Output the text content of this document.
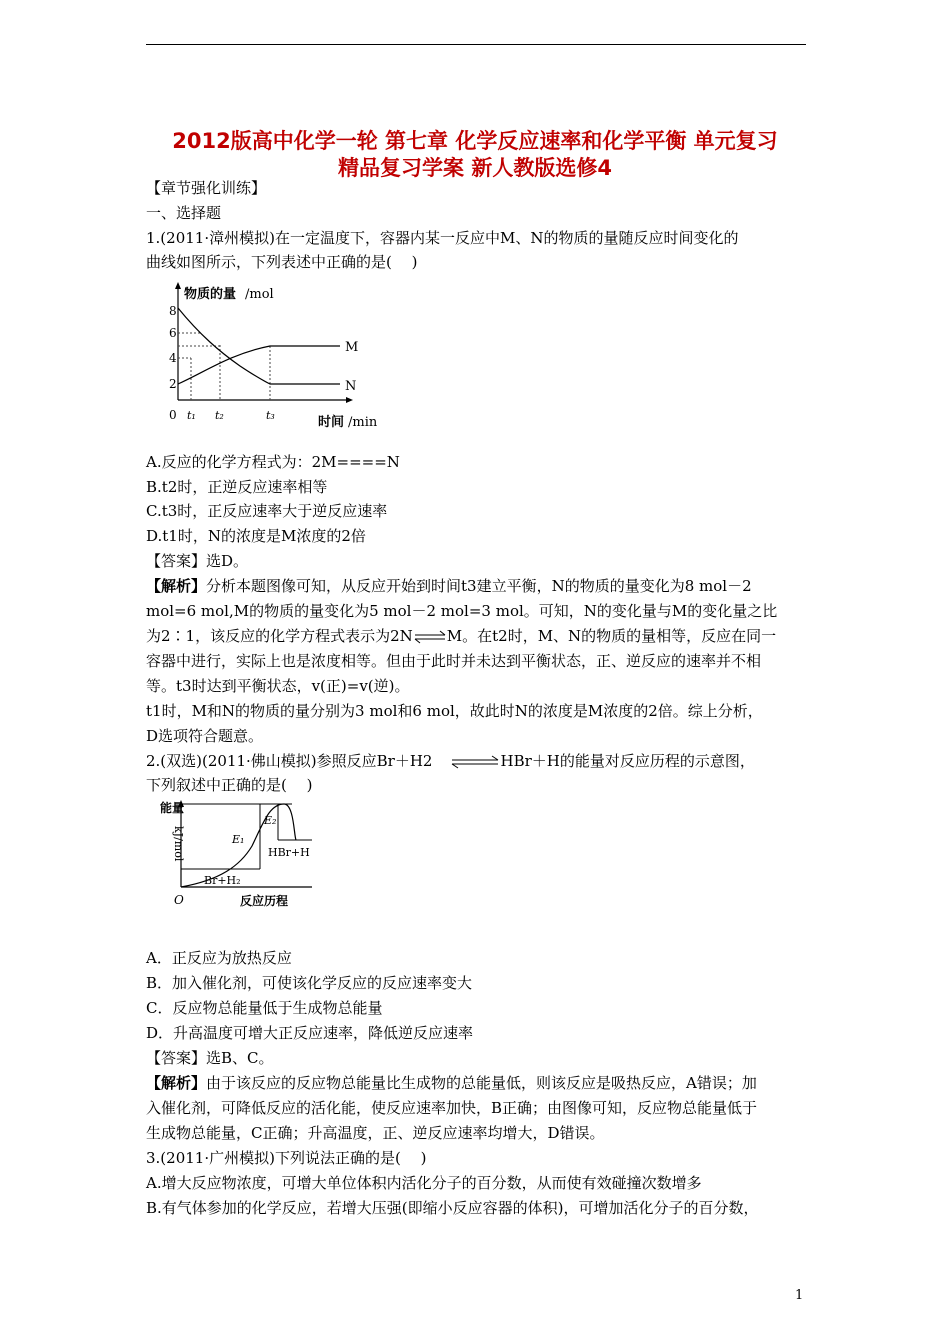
2012版高中化学一轮 第七章 化学反应速率和化学平衡 单元复习
精品复习学案 新人教版选修4
【章节强化训练】
一、选择题
1.(2011·漳州模拟)在一定温度下，容器内某一反应中M、N的物质的量随反应时间变化的
曲线如图所示，下列表述中正确的是(　 )
物质的量 /mol
8
6
4
2
0
M
N
t₁ t₂	t₃	时间 /min
A.反应的化学方程式为：2M====N
B.t2时，正逆反应速率相等
C.t3时，正反应速率大于逆反应速率
D.t1时，N的浓度是M浓度的2倍
【答案】选D。
【解析】分析本题图像可知，从反应开始到时间t3建立平衡，N的物质的量变化为8 mol－2
mol=6 mol,M的物质的量变化为5 mol－2 mol=3 mol。可知，N的变化量与M的变化量之比
为2∶1，该反应的化学方程式表示为2N⇌M。在t2时，M、N的物质的量相等，反应在同一
容器中进行，实际上也是浓度相等。但由于此时并未达到平衡状态，正、逆反应的速率并不相
等。t3时达到平衡状态，v(正)=v(逆)。
t1时，M和N的物质的量分别为3 mol和6 mol，故此时N的浓度是M浓度的2倍。综上分析，
D选项符合题意。
2.(双选)(2011·佛山模拟)参照反应Br＋H2 ⇌HBr＋H的能量对反应历程的示意图，
下列叙述中正确的是(　 )
能量
kJ/mol	E₁
E₂
HBr+H
Br+H₂
O	反应历程
A．正反应为放热反应
B．加入催化剂，可使该化学反应的反应速率变大
C．反应物总能量低于生成物总能量
D．升高温度可增大正反应速率，降低逆反应速率
【答案】选B、C。
【解析】由于该反应的反应物总能量比生成物的总能量低，则该反应是吸热反应，A错误；加
入催化剂，可降低反应的活化能，使反应速率加快，B正确；由图像可知，反应物总能量低于
生成物总能量，C正确；升高温度，正、逆反应速率均增大，D错误。
3.(2011·广州模拟)下列说法正确的是(　 )
A.增大反应物浓度，可增大单位体积内活化分子的百分数，从而使有效碰撞次数增多
B.有气体参加的化学反应，若增大压强(即缩小反应容器的体积)，可增加活化分子的百分数，
1
